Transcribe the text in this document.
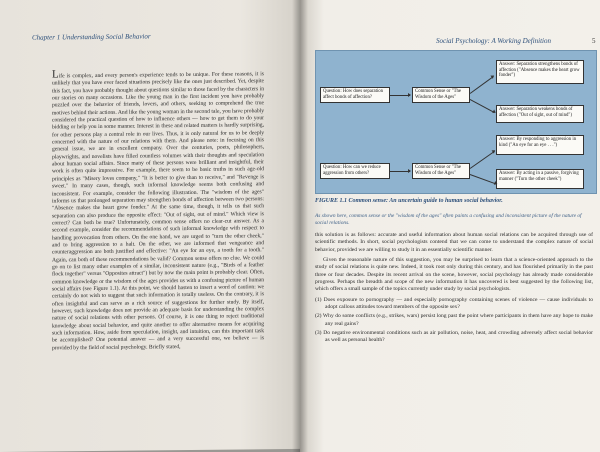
Chapter 1 Understanding Social Behavior
Life is complex, and every person's experience tends to be unique. For these reasons, it is unlikely that you have ever faced situations precisely like the ones just described. Yet, despite this fact, you have probably thought about questions similar to those faced by the characters in our stories on many occasions. Like the young man in the first incident you have probably puzzled over the behavior of friends, lovers, and others, seeking to comprehend the true motives behind their actions. And like the young woman in the second tale, you have probably considered the practical question of how to influence others — how to get them to do your bidding or help you in some manner. Interest in these and related matters is hardly surprising, for other persons play a central role in our lives. Thus, it is only natural for us to be deeply concerned with the nature of our relations with them. And please note: in focusing on this general issue, we are in excellent company. Over the centuries, poets, philosophers, playwrights, and novelists have filled countless volumes with their thoughts and speculation about human social affairs. Since many of these persons were brilliant and insightful, their work is often quite impressive. For example, there seem to be basic truths in such age-old principles as "Misery loves company," "It is better to give than to receive," and "Revenge is sweet." In many cases, though, such informal knowledge seems both confusing and inconsistent. For example, consider the following illustration. The "wisdom of the ages" informs us that prolonged separation may strengthen bonds of affection between two persons: "Absence makes the heart grow fonder." At the same time, though, it tells us that such separation can also produce the opposite effect: "Out of sight, out of mind." Which view is correct? Can both be true? Unfortunately, common sense offers no clear-cut answer. As a second example, consider the recommendations of such informal knowledge with respect to handling provocation from others. On the one hand, we are urged to "turn the other cheek," and to bring aggression to a halt. On the other, we are informed that vengeance and counteraggression are both justified and effective: "An eye for an eye, a tooth for a tooth." Again, can both of these recommendations be valid? Common sense offers no clue. We could go on to list many other examples of a similar, inconsistent nature (e.g., "Birds of a feather flock together" versus "Opposites attract") but by now the main point is probably clear. Often, common knowledge or the wisdom of the ages provides us with a confusing picture of human social affairs (see Figure 1.1). At this point, we should hasten to insert a word of caution: we certainly do not wish to suggest that such information is totally useless. On the contrary, it is often insightful and can serve as a rich source of suggestions for further study. By itself, however, such knowledge does not provide an adequate basis for understanding the complex nature of social relations with other persons. Of course, it is one thing to reject traditional knowledge about social behavior, and quite another to offer alternative means for acquiring such information. How, aside from speculation, insight, and intuition, can this important task be accomplished? One potential answer — and a very successful one, we believe — is provided by the field of social psychology. Briefly stated,
Social Psychology: A Working Definition	5
Question: How does separation affect bonds of affection?
Common Sense or "The Wisdom of the Ages"
Answer: Separation strengthens bonds of affection ("Absence makes the heart grow fonder")
Answer: Separation weakens bonds of affection ("Out of sight, out of mind")
Question: How can we reduce aggression from others?
Common Sense or "The Wisdom of the Ages"
Answer: By responding to aggression in kind ("An eye for an eye . . .")
Answer: By acting in a passive, forgiving manner ("Turn the other cheek")
FIGURE 1.1 Common sense: An uncertain guide to human social behavior.
As shown here, common sense or the "wisdom of the ages" often paints a confusing and inconsistent picture of the nature of social relations.

this solution is as follows: accurate and useful information about human social relations can be acquired through use of scientific methods. In short, social psychologists contend that we can come to understand the complex nature of social behavior, provided we are willing to study it in an essentially scientific manner.

Given the reasonable nature of this suggestion, you may be surprised to learn that a science-oriented approach to the study of social relations is quite new. Indeed, it took root only during this century, and has flourished primarily in the past three or four decades. Despite its recent arrival on the scene, however, social psychology has already made considerable progress. Perhaps the breadth and scope of the new information it has uncovered is best suggested by the following list, which offers a small sample of the topics currently under study by social psychologists.

(1) Does exposure to pornography — and especially pornography containing scenes of violence — cause individuals to adopt callous attitudes toward members of the opposite sex?
(2) Why do some conflicts (e.g., strikes, wars) persist long past the point where participants in them have any hope to make any real gains?
(3) Do negative environmental conditions such as air pollution, noise, heat, and crowding adversely affect social behavior as well as personal health?
